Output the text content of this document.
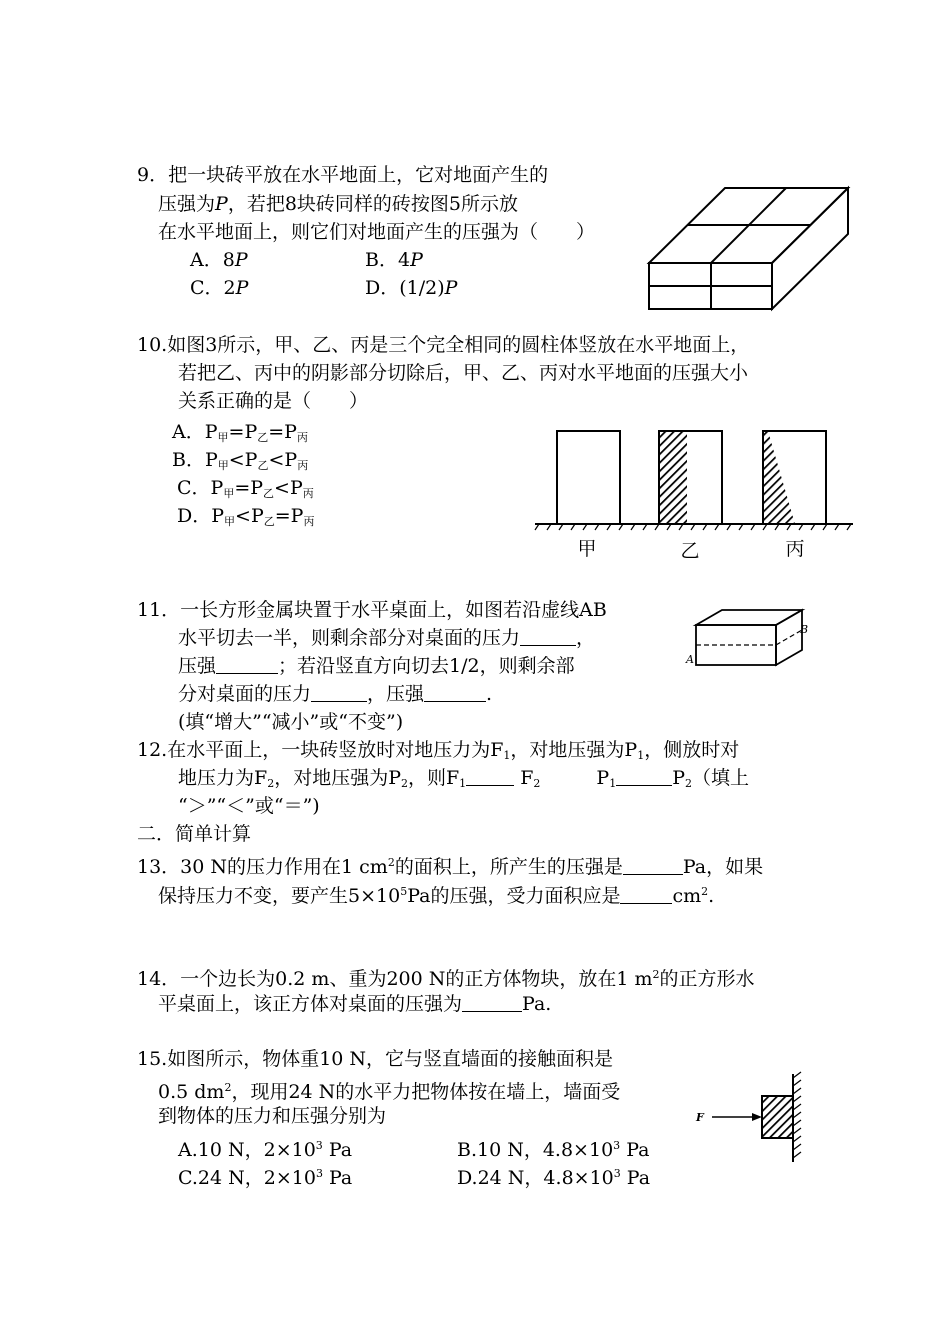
9．把一块砖平放在水平地面上，它对地面产生的
压强为P，若把8块砖同样的砖按图5所示放
在水平地面上，则它们对地面产生的压强为（　　）
A．8P	B．4P
C．2P	D．(1/2)P
10.如图3所示，甲、乙、丙是三个完全相同的圆柱体竖放在水平地面上，
若把乙、丙中的阴影部分切除后，甲、乙、丙对水平地面的压强大小
关系正确的是（　　）
A．$P_甲=P_乙=P_丙$
B．$P_甲<P_乙<P_丙$
C．$P_甲=P_乙<P_丙$
D．$P_甲<P_乙=P_丙$
甲	乙	丙
11．一长方形金属块置于水平桌面上，如图若沿虚线AB
水平切去一半，则剩余部分对桌面的压力	，
压强	；若沿竖直方向切去1/2，则剩余部
分对桌面的压力	，压强	.
(填“增大”“减小”或“不变”)
A
B
12.在水平面上，一块砖竖放时对地压力为$F_1$，对地压强为$P_1$，侧放时对
地压力为$F_2$，对地压强为$P_2$，则$F_1$	$F_2$	$P_1$	$P_2$（填上
“＞”“＜”或“＝”)
二．简单计算
13．30 N的压力作用在1 $cm^2$的面积上，所产生的压强是	Pa，如果
保持压力不变，要产生$5\times 10^5Pa$的压强，受力面积应是	$cm^2$.
14．一个边长为0.2 m、重为200 N的正方体物块，放在1 $m^2$的正方形水
平桌面上，该正方体对桌面的压强为	Pa.
15.如图所示，物体重10 N，它与竖直墙面的接触面积是
0.5 $dm^2$，现用24 N的水平力把物体按在墙上，墙面受
到物体的压力和压强分别为
A.10 N，$2\times 10^3$ Pa	B.10 N，$4.8\times 10^3$ Pa
C.24 N，$2\times 10^3$ Pa	D.24 N，$4.8\times 10^3$ Pa
F
